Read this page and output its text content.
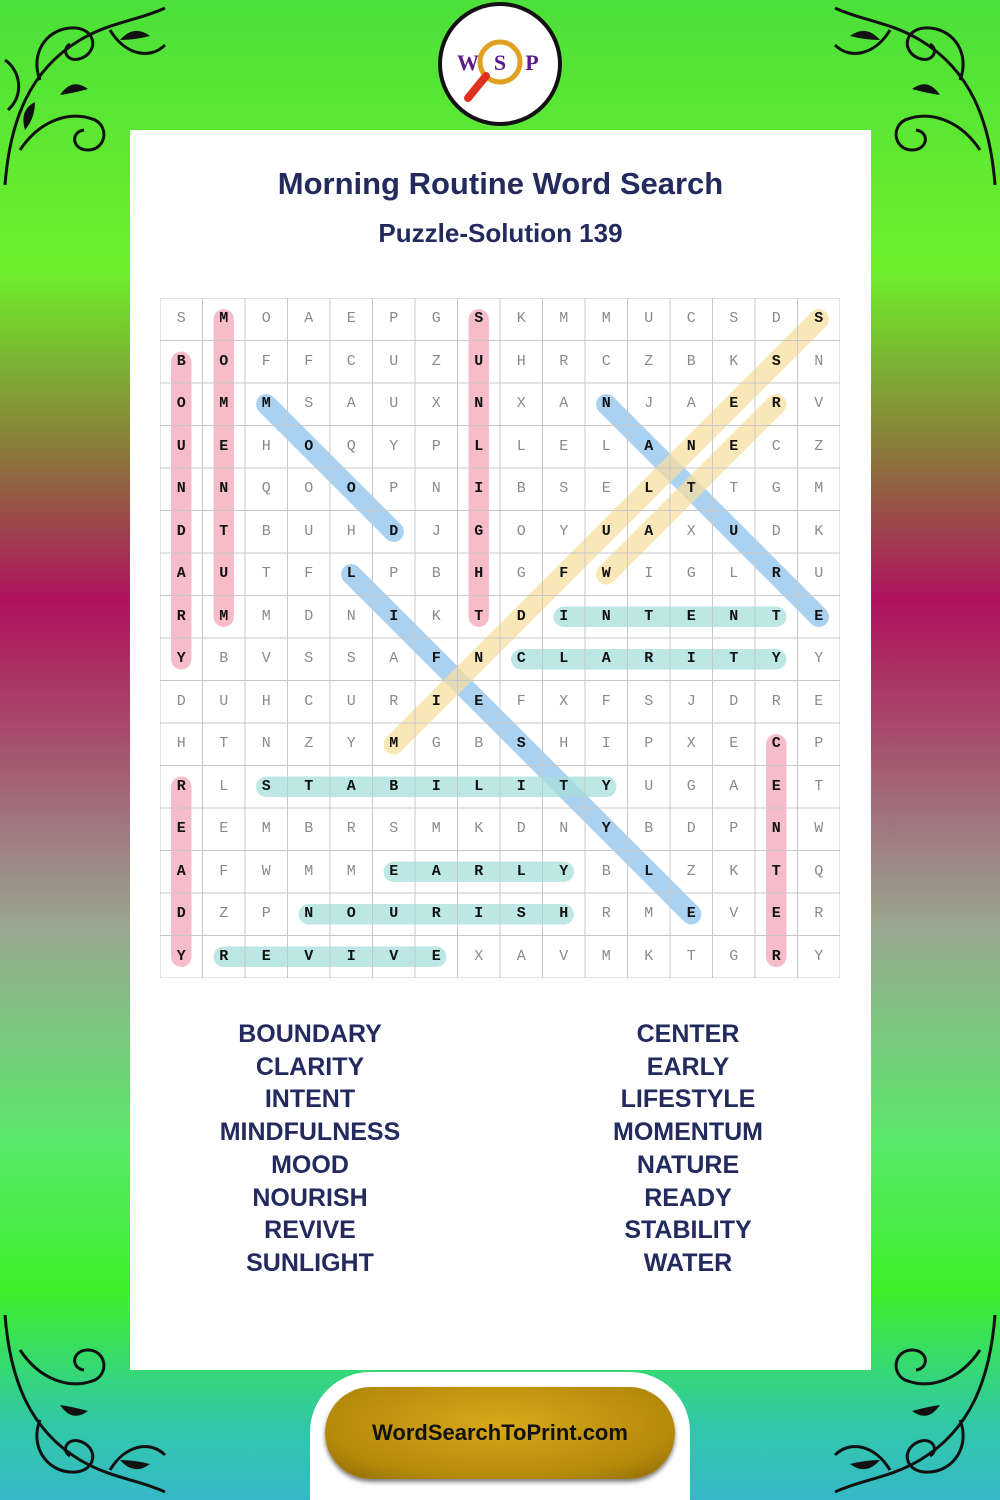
W S P
Morning Routine Word Search
Puzzle-Solution 139
S	M	O	A	E	P	G	S	K	M	M	U	C	S	D	S
B	O	F	F	C	U	Z	U	H	R	C	Z	B	K	S	N
O	M	M	S	A	U	X	N	X	A	N	J	A	E	R	V
U	E	H	O	Q	Y	P	L	L	E	L	A	N	E	C	Z
N	N	Q	O	O	P	N	I	B	S	E	L	T	T	G	M
D	T	B	U	H	D	J	G	O	Y	U	A	X	U	D	K
A	U	T	F	L	P	B	H	G	F	W	I	G	L	R	U
R	M	M	D	N	I	K	T	D	I	N	T	E	N	T	E
Y	B	V	S	S	A	F	N	C	L	A	R	I	T	Y	Y
D	U	H	C	U	R	I	E	F	X	F	S	J	D	R	E
H	T	N	Z	Y	M	G	B	S	H	I	P	X	E	C	P
R	L	S	T	A	B	I	L	I	T	Y	U	G	A	E	T
E	E	M	B	R	S	M	K	D	N	Y	B	D	P	N	W
A	F	W	M	M	E	A	R	L	Y	B	L	Z	K	T	Q
D	Z	P	N	O	U	R	I	S	H	R	M	E	V	E	R
Y	R	E	V	I	V	E	X	A	V	M	K	T	G	R	Y
BOUNDARY
CLARITY
INTENT
MINDFULNESS
MOOD
NOURISH
REVIVE
SUNLIGHT
CENTER
EARLY
LIFESTYLE
MOMENTUM
NATURE
READY
STABILITY
WATER
WordSearchToPrint.com
